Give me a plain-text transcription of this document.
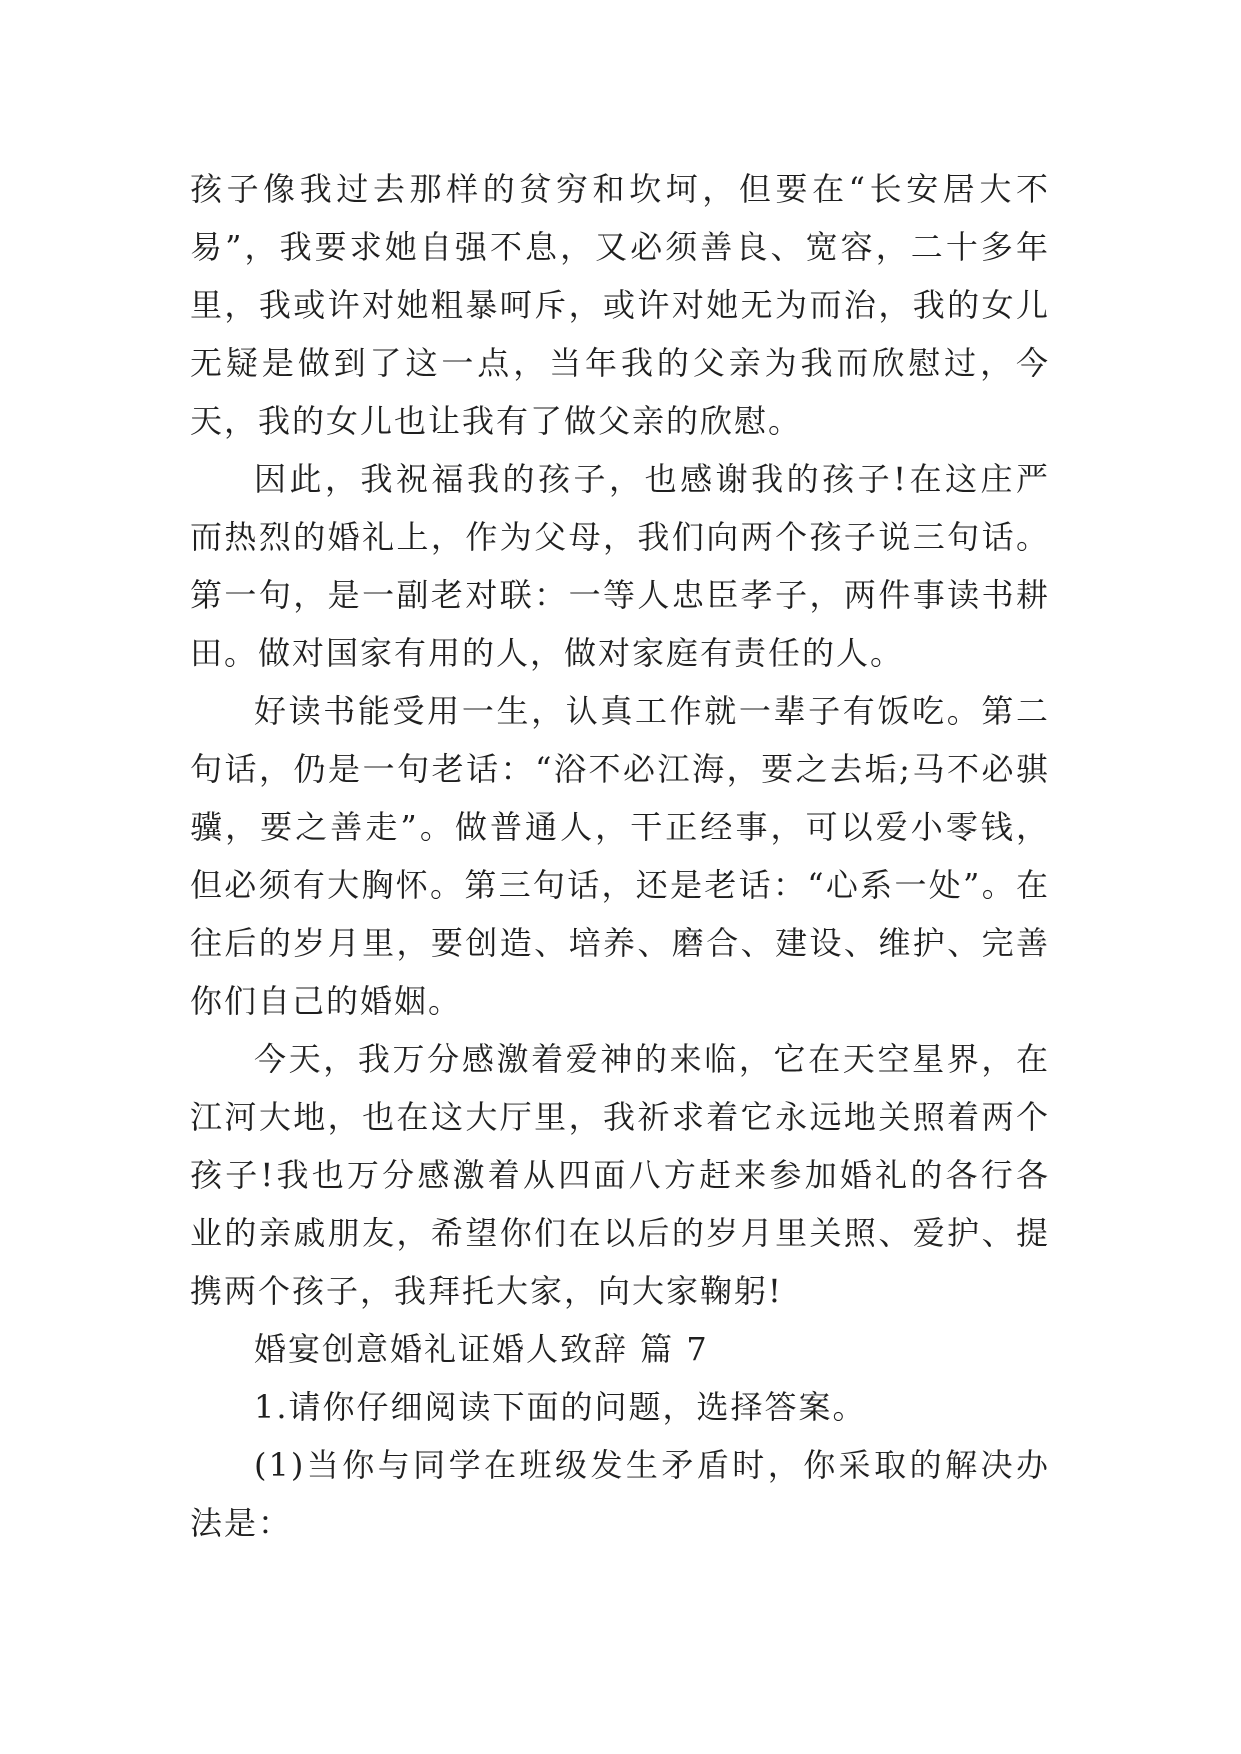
孩子像我过去那样的贫穷和坎坷，但要在“长安居大不易”，我要求她自强不息，又必须善良、宽容，二十多年里，我或许对她粗暴呵斥，或许对她无为而治，我的女儿无疑是做到了这一点，当年我的父亲为我而欣慰过，今天，我的女儿也让我有了做父亲的欣慰。

因此，我祝福我的孩子，也感谢我的孩子!在这庄严而热烈的婚礼上，作为父母，我们向两个孩子说三句话。第一句，是一副老对联：一等人忠臣孝子，两件事读书耕田。做对国家有用的人，做对家庭有责任的人。

好读书能受用一生，认真工作就一辈子有饭吃。第二句话，仍是一句老话：“浴不必江海，要之去垢;马不必骐骥，要之善走”。做普通人，干正经事，可以爱小零钱，但必须有大胸怀。第三句话，还是老话：“心系一处”。在往后的岁月里，要创造、培养、磨合、建设、维护、完善你们自己的婚姻。

今天，我万分感激着爱神的来临，它在天空星界，在江河大地，也在这大厅里，我祈求着它永远地关照着两个孩子!我也万分感激着从四面八方赶来参加婚礼的各行各业的亲戚朋友，希望你们在以后的岁月里关照、爱护、提携两个孩子，我拜托大家，向大家鞠躬!

婚宴创意婚礼证婚人致辞 篇 7

1.请你仔细阅读下面的问题，选择答案。

(1)当你与同学在班级发生矛盾时，你采取的解决办法是：
